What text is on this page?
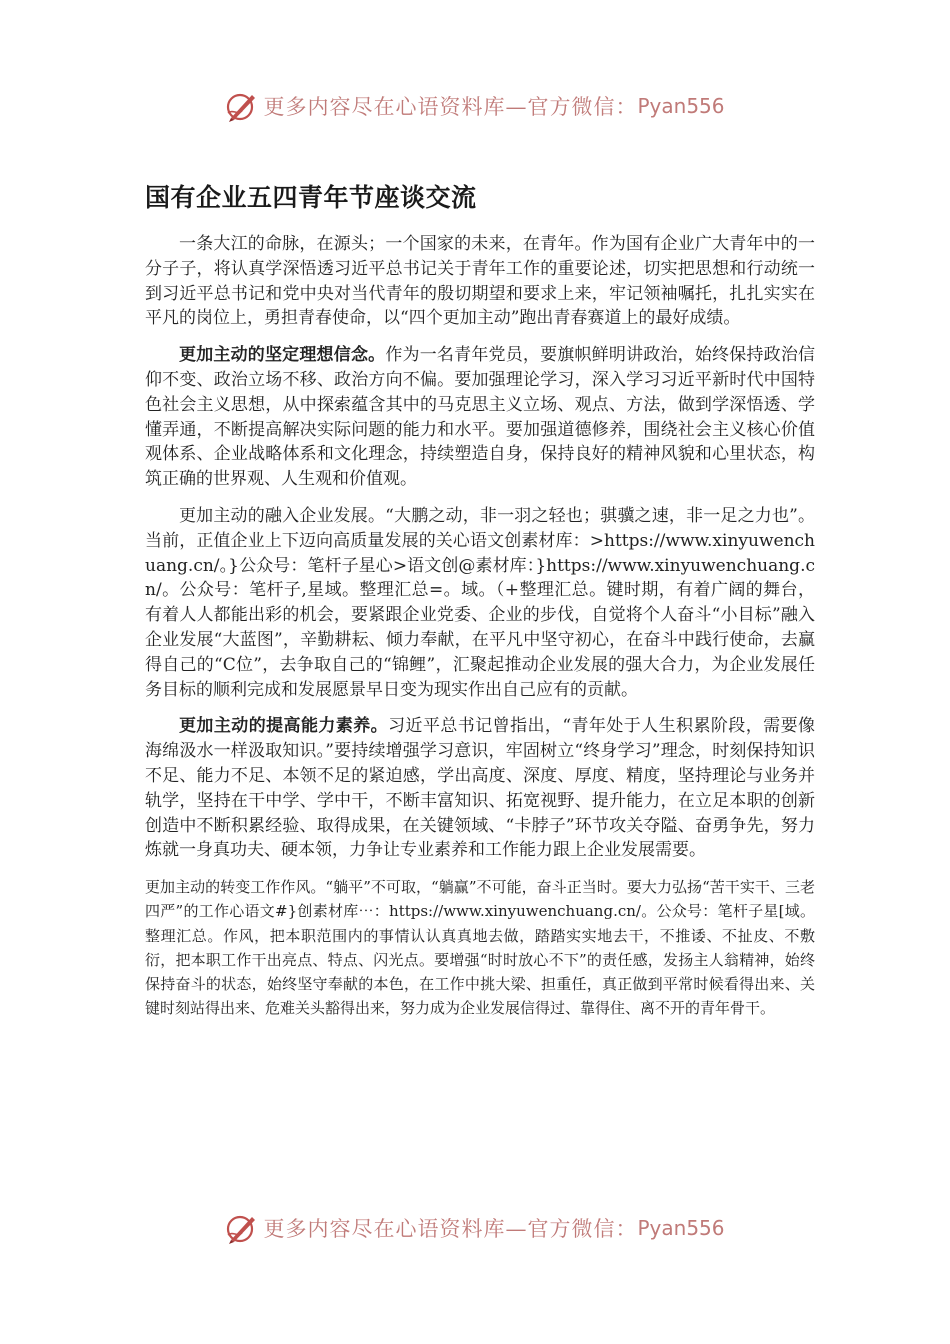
更多内容尽在心语资料库—官方微信： Pyan556
国有企业五四青年节座谈交流

一条大江的命脉，在源头；一个国家的未来，在青年。作为国有企业广大青年中的一分子子，将认真学深悟透习近平总书记关于青年工作的重要论述，切实把思想和行动统一到习近平总书记和党中央对当代青年的殷切期望和要求上来，牢记领袖嘱托，扎扎实实在平凡的岗位上，勇担青春使命，以“四个更加主动”跑出青春赛道上的最好成绩。

更加主动的坚定理想信念。作为一名青年党员，要旗帜鲜明讲政治，始终保持政治信仰不变、政治立场不移、政治方向不偏。要加强理论学习，深入学习习近平新时代中国特色社会主义思想，从中探索蕴含其中的马克思主义立场、观点、方法，做到学深悟透、学懂弄通，不断提高解决实际问题的能力和水平。要加强道德修养，围绕社会主义核心价值观体系、企业战略体系和文化理念，持续塑造自身，保持良好的精神风貌和心里状态，构筑正确的世界观、人生观和价值观。

更加主动的融入企业发展。“大鹏之动，非一羽之轻也；骐骥之速，非一足之力也”。当前，正值企业上下迈向高质量发展的关心语文创素材库：>https://www.xinyuwenchuang.cn/。}公众号：笔杆子星心>语文创@素材库：}https://www.xinyuwenchuang.cn/。公众号：笔杆子,星域。整理汇总=。域。（+整理汇总。键时期，有着广阔的舞台，有着人人都能出彩的机会，要紧跟企业党委、企业的步伐，自觉将个人奋斗“小目标”融入企业发展“大蓝图”，辛勤耕耘、倾力奉献，在平凡中坚守初心，在奋斗中践行使命，去赢得自己的“C位”，去争取自己的“锦鲤”，汇聚起推动企业发展的强大合力，为企业发展任务目标的顺利完成和发展愿景早日变为现实作出自己应有的贡献。

更加主动的提高能力素养。习近平总书记曾指出，“青年处于人生积累阶段，需要像海绵汲水一样汲取知识。”要持续增强学习意识，牢固树立“终身学习”理念，时刻保持知识不足、能力不足、本领不足的紧迫感，学出高度、深度、厚度、精度，坚持理论与业务并轨学，坚持在干中学、学中干，不断丰富知识、拓宽视野、提升能力，在立足本职的创新创造中不断积累经验、取得成果，在关键领域、“卡脖子”环节攻关夺隘、奋勇争先，努力炼就一身真功夫、硬本领，力争让专业素养和工作能力跟上企业发展需要。

更加主动的转变工作作风。“躺平”不可取，“躺赢”不可能，奋斗正当时。要大力弘扬“苦干实干、三老四严”的工作心语文#}创素材库⋯：https://www.xinyuwenchuang.cn/。公众号：笔杆子星[域。整理汇总。作风，把本职范围内的事情认认真真地去做，踏踏实实地去干，不推诿、不扯皮、不敷衍，把本职工作干出亮点、特点、闪光点。要增强“时时放心不下”的责任感，发扬主人翁精神，始终保持奋斗的状态，始终坚守奉献的本色，在工作中挑大梁、担重任，真正做到平常时候看得出来、关键时刻站得出来、危难关头豁得出来，努力成为企业发展信得过、靠得住、离不开的青年骨干。

更多内容尽在心语资料库—官方微信： Pyan556
